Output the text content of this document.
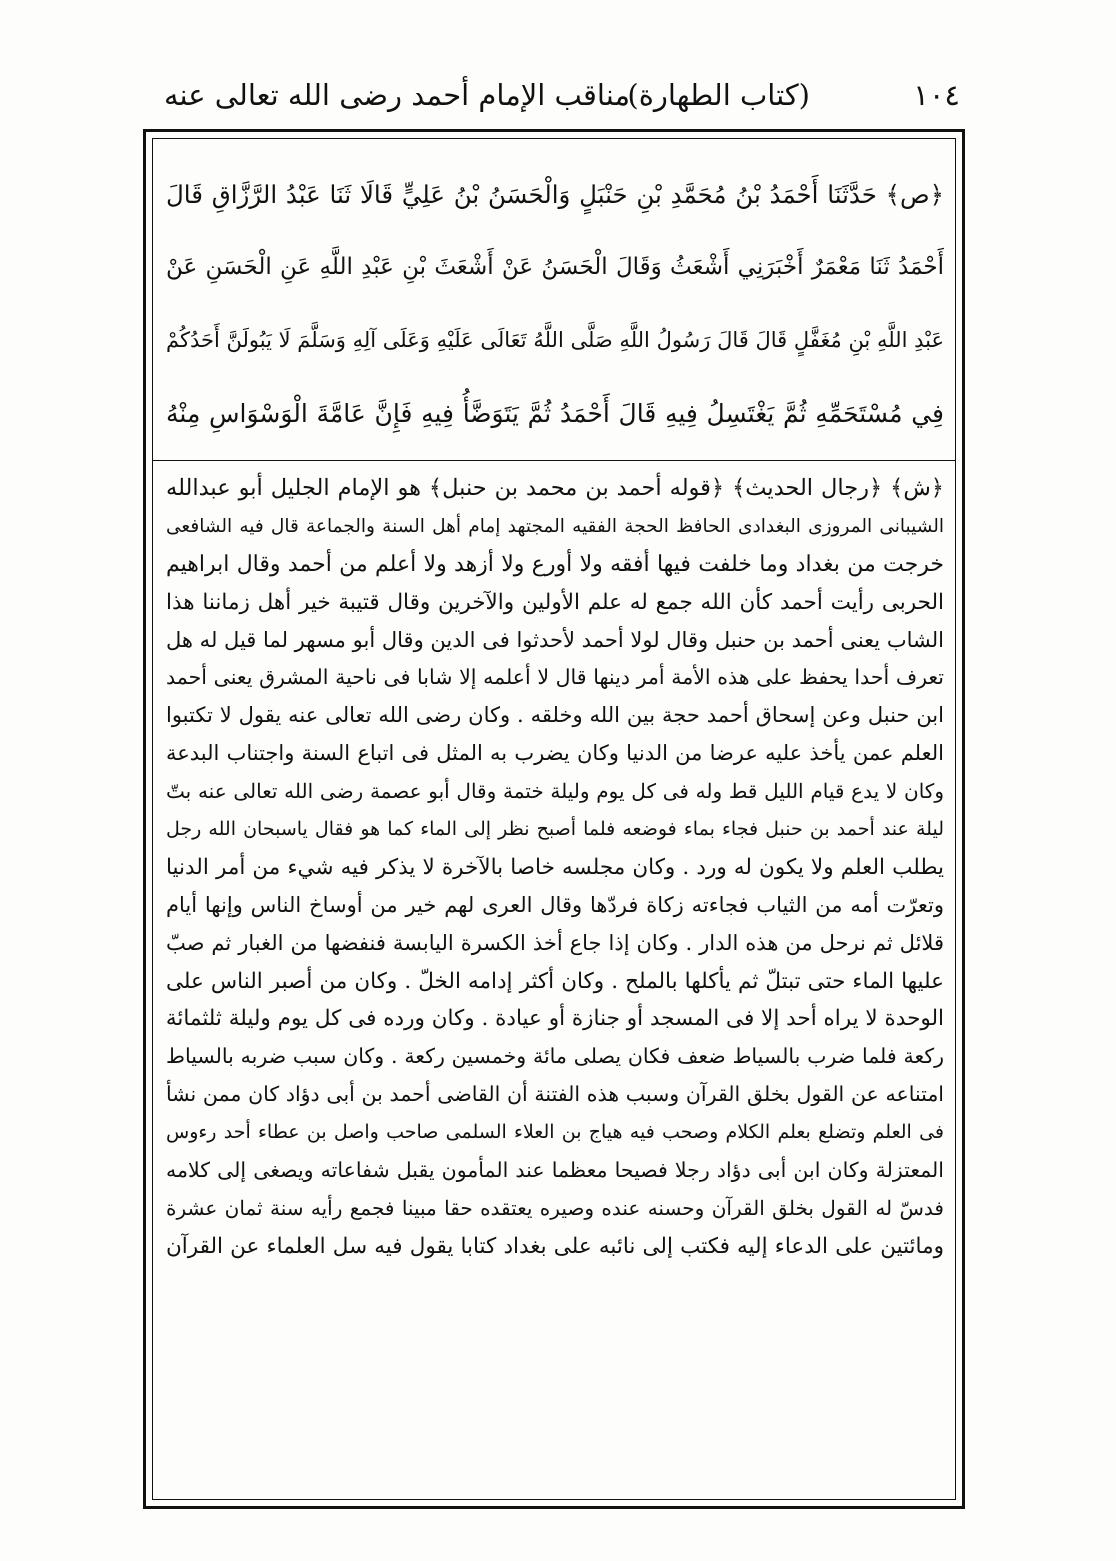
١٠٤
(كتاب الطهارة)
مناقب الإمام أحمد رضى الله تعالى عنه
﴿ص﴾ حَدَّثَنَا أَحْمَدُ بْنُ مُحَمَّدِ بْنِ حَنْبَلٍ وَالْحَسَنُ بْنُ عَلِيٍّ قَالَا ثَنَا عَبْدُ الرَّزَّاقِ قَالَ
أَحْمَدُ ثَنَا مَعْمَرٌ أَخْبَرَنِي أَشْعَثُ وَقَالَ الْحَسَنُ عَنْ أَشْعَثَ بْنِ عَبْدِ اللَّهِ عَنِ الْحَسَنِ عَنْ
عَبْدِ اللَّهِ بْنِ مُغَفَّلٍ قَالَ قَالَ رَسُولُ اللَّهِ صَلَّى اللَّهُ تَعَالَى عَلَيْهِ وَعَلَى آلِهِ وَسَلَّمَ لَا يَبُولَنَّ أَحَدُكُمْ
فِي مُسْتَحَمِّهِ ثُمَّ يَغْتَسِلُ فِيهِ قَالَ أَحْمَدُ ثُمَّ يَتَوَضَّأُ فِيهِ فَإِنَّ عَامَّةَ الْوَسْوَاسِ مِنْهُ
﴿ش﴾ ﴿رجال الحديث﴾ ﴿قوله أحمد بن محمد بن حنبل﴾ هو الإمام الجليل أبو عبدالله
الشيبانى المروزى البغدادى الحافظ الحجة الفقيه المجتهد إمام أهل السنة والجماعة قال فيه الشافعى
خرجت من بغداد وما خلفت فيها أفقه ولا أورع ولا أزهد ولا أعلم من أحمد وقال ابراهيم
الحربى رأيت أحمد كأن الله جمع له علم الأولين والآخرين وقال قتيبة خير أهل زماننا هذا
الشاب يعنى أحمد بن حنبل وقال لولا أحمد لأحدثوا فى الدين وقال أبو مسهر لما قيل له هل
تعرف أحدا يحفظ على هذه الأمة أمر دينها قال لا أعلمه إلا شابا فى ناحية المشرق يعنى أحمد
ابن حنبل وعن إسحاق أحمد حجة بين الله وخلقه . وكان رضى الله تعالى عنه يقول لا تكتبوا
العلم عمن يأخذ عليه عرضا من الدنيا وكان يضرب به المثل فى اتباع السنة واجتناب البدعة
وكان لا يدع قيام الليل قط وله فى كل يوم وليلة ختمة وقال أبو عصمة رضى الله تعالى عنه بتّ
ليلة عند أحمد بن حنبل فجاء بماء فوضعه فلما أصبح نظر إلى الماء كما هو فقال ياسبحان الله رجل
يطلب العلم ولا يكون له ورد . وكان مجلسه خاصا بالآخرة لا يذكر فيه شيء من أمر الدنيا
وتعرّت أمه من الثياب فجاءته زكاة فردّها وقال العرى لهم خير من أوساخ الناس وإنها أيام
قلائل ثم نرحل من هذه الدار . وكان إذا جاع أخذ الكسرة اليابسة فنفضها من الغبار ثم صبّ
عليها الماء حتى تبتلّ ثم يأكلها بالملح . وكان أكثر إدامه الخلّ . وكان من أصبر الناس على
الوحدة لا يراه أحد إلا فى المسجد أو جنازة أو عيادة . وكان ورده فى كل يوم وليلة ثلثمائة
ركعة فلما ضرب بالسياط ضعف فكان يصلى مائة وخمسين ركعة . وكان سبب ضربه بالسياط
امتناعه عن القول بخلق القرآن وسبب هذه الفتنة أن القاضى أحمد بن أبى دؤاد كان ممن نشأ
فى العلم وتضلع بعلم الكلام وصحب فيه هياج بن العلاء السلمى صاحب واصل بن عطاء أحد رءوس
المعتزلة وكان ابن أبى دؤاد رجلا فصيحا معظما عند المأمون يقبل شفاعاته ويصغى إلى كلامه
فدسّ له القول بخلق القرآن وحسنه عنده وصيره يعتقده حقا مبينا فجمع رأيه سنة ثمان عشرة
ومائتين على الدعاء إليه فكتب إلى نائبه على بغداد كتابا يقول فيه سل العلماء عن القرآن
